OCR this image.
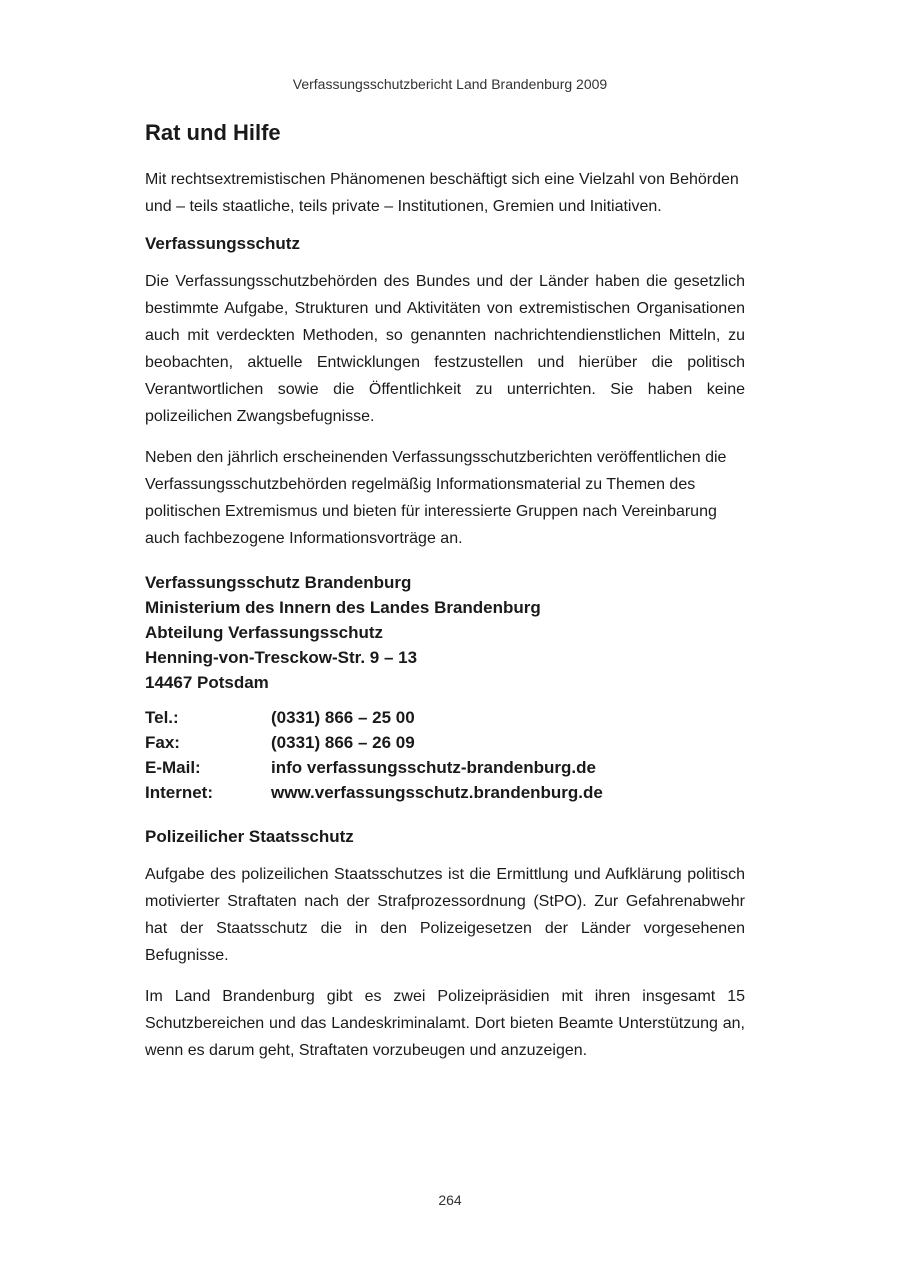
Verfassungsschutzbericht Land Brandenburg 2009
Rat und Hilfe

Mit rechtsextremistischen Phänomenen beschäftigt sich eine Vielzahl von Behörden und – teils staatliche, teils private – Institutionen, Gremien und Initiativen.

Verfassungsschutz

Die Verfassungsschutzbehörden des Bundes und der Länder haben die gesetzlich bestimmte Aufgabe, Strukturen und Aktivitäten von extremistischen Organisationen auch mit verdeckten Methoden, so genannten nachrichtendienstlichen Mitteln, zu beobachten, aktuelle Entwicklungen festzustellen und hierüber die politisch Verantwortlichen sowie die Öffentlichkeit zu unterrichten. Sie haben keine polizeilichen Zwangsbefugnisse.

Neben den jährlich erscheinenden Verfassungsschutzberichten veröffentlichen die Verfassungsschutzbehörden regelmäßig Informationsmaterial zu Themen des politischen Extremismus und bieten für interessierte Gruppen nach Vereinbarung auch fachbezogene Informationsvorträge an.

Verfassungsschutz Brandenburg
Ministerium des Innern des Landes Brandenburg
Abteilung Verfassungsschutz
Henning-von-Tresckow-Str. 9 – 13
14467 Potsdam
Tel.:	(0331) 866 – 25 00
Fax:	(0331) 866 – 26 09
E-Mail:	info verfassungsschutz-brandenburg.de
Internet:	www.verfassungsschutz.brandenburg.de
Polizeilicher Staatsschutz

Aufgabe des polizeilichen Staatsschutzes ist die Ermittlung und Aufklärung politisch motivierter Straftaten nach der Strafprozessordnung (StPO). Zur Gefahrenabwehr hat der Staatsschutz die in den Polizeigesetzen der Länder vorgesehenen Befugnisse.

Im Land Brandenburg gibt es zwei Polizeipräsidien mit ihren insgesamt 15 Schutzbereichen und das Landeskriminalamt. Dort bieten Beamte Unterstützung an, wenn es darum geht, Straftaten vorzubeugen und anzuzeigen.

264
